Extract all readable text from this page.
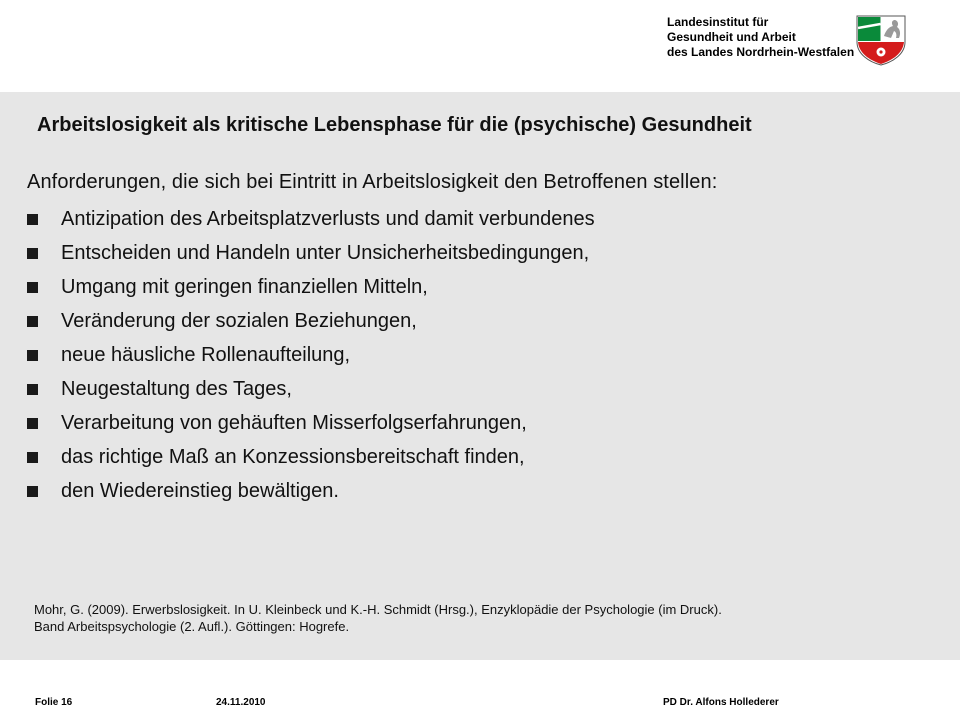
Landesinstitut für
Gesundheit und Arbeit
des Landes Nordrhein-Westfalen
Arbeitslosigkeit als kritische Lebensphase für die (psychische) Gesundheit
Anforderungen, die sich bei Eintritt in Arbeitslosigkeit den Betroffenen stellen:
Antizipation des Arbeitsplatzverlusts und damit verbundenes
Entscheiden und Handeln unter Unsicherheitsbedingungen,
Umgang mit geringen finanziellen Mitteln,
Veränderung der sozialen Beziehungen,
neue häusliche Rollenaufteilung,
Neugestaltung des Tages,
Verarbeitung von gehäuften Misserfolgserfahrungen,
das richtige Maß an Konzessionsbereitschaft finden,
den Wiedereinstieg bewältigen.
Mohr, G. (2009). Erwerbslosigkeit. In U. Kleinbeck und K.-H. Schmidt (Hrsg.), Enzyklopädie der Psychologie (im Druck).
Band Arbeitspsychologie (2. Aufl.). Göttingen: Hogrefe.
Folie 16	24.11.2010	PD Dr. Alfons Hollederer
